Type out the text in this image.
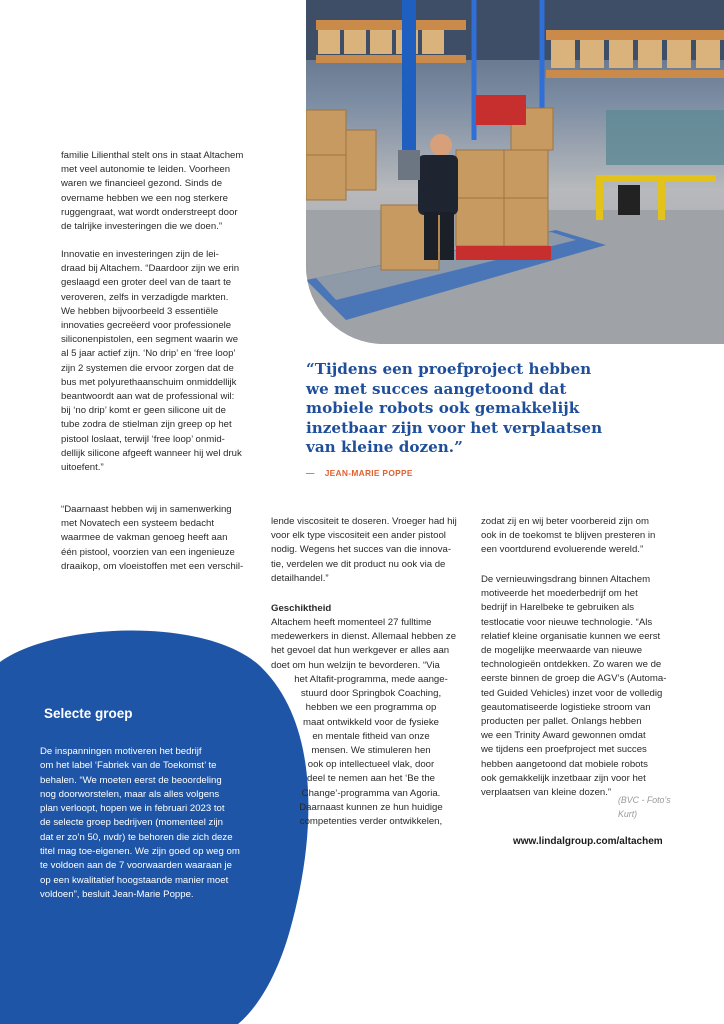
familie Lilienthal stelt ons in staat Altachem
met veel autonomie te leiden. Voorheen
waren we financieel gezond. Sinds de
overname hebben we een nog sterkere
ruggengraat, wat wordt onderstreept door
de talrijke investeringen die we doen.”

Innovatie en investeringen zijn de lei-
draad bij Altachem. “Daardoor zijn we erin
geslaagd een groter deel van de taart te
veroveren, zelfs in verzadigde markten.
We hebben bijvoorbeeld 3 essentiële
innovaties gecreëerd voor professionele
siliconenpistolen, een segment waarin we
al 5 jaar actief zijn. ‘No drip’ en ‘free loop’
zijn 2 systemen die ervoor zorgen dat de
bus met polyurethaanschuim onmiddellijk
beantwoordt aan wat de professional wil:
bij ‘no drip’ komt er geen silicone uit de
tube zodra de stielman zijn greep op het
pistool loslaat, terwijl ‘free loop’ onmid-
dellijk silicone afgeeft wanneer hij wel druk
uitoefent.”

“Daarnaast hebben wij in samenwerking
met Novatech een systeem bedacht
waarmee de vakman genoeg heeft aan
één pistool, voorzien van een ingenieuze
draaikop, om vloeistoffen met een verschil-

“Tijdens een proefproject hebben we met succes aangetoond dat mobiele robots ook gemakkelijk inzetbaar zijn voor het verplaatsen van kleine dozen.”

— JEAN-MARIE POPPE
Selecte groep

De inspanningen motiveren het bedrijf
om het label ‘Fabriek van de Toekomst’ te
behalen. “We moeten eerst de beoordeling
nog doorworstelen, maar als alles volgens
plan verloopt, hopen we in februari 2023 tot
de selecte groep bedrijven (momenteel zijn
dat er zo’n 50, nvdr) te behoren die zich deze
titel mag toe-eigenen. We zijn goed op weg om
te voldoen aan de 7 voorwaarden waaraan je
op een kwalitatief hoogstaande manier moet
voldoen”, besluit Jean-Marie Poppe.

lende viscositeit te doseren. Vroeger had hij
voor elk type viscositeit een ander pistool
nodig. Wegens het succes van die innova-
tie, verdelen we dit product nu ook via de
detailhandel.”

Geschiktheid

Altachem heeft momenteel 27 fulltime
medewerkers in dienst. Allemaal hebben ze
het gevoel dat hun werkgever er alles aan
doet om hun welzijn te bevorderen. “Via

het Altafit-programma, mede aange-
stuurd door Springbok Coaching,
hebben we een programma op
maat ontwikkeld voor de fysieke
en mentale fitheid van onze
mensen. We stimuleren hen
ook op intellectueel vlak, door
deel te nemen aan het ‘Be the
Change’-programma van Agoria.
Daarnaast kunnen ze hun huidige
competenties verder ontwikkelen,

zodat zij en wij beter voorbereid zijn om
ook in de toekomst te blijven presteren in
een voortdurend evoluerende wereld.”

De vernieuwingsdrang binnen Altachem
motiveerde het moederbedrijf om het
bedrijf in Harelbeke te gebruiken als
testlocatie voor nieuwe technologie. “Als
relatief kleine organisatie kunnen we eerst
de mogelijke meerwaarde van nieuwe
technologieën ontdekken. Zo waren we de
eerste binnen de groep die AGV’s (Automa-
ted Guided Vehicles) inzet voor de volledig
geautomatiseerde logistieke stroom van
producten per pallet. Onlangs hebben
we een Trinity Award gewonnen omdat
we tijdens een proefproject met succes
hebben aangetoond dat mobiele robots
ook gemakkelijk inzetbaar zijn voor het
verplaatsen van kleine dozen.”

(BVC - Foto’s
Kurt)

www.lindalgroup.com/altachem
